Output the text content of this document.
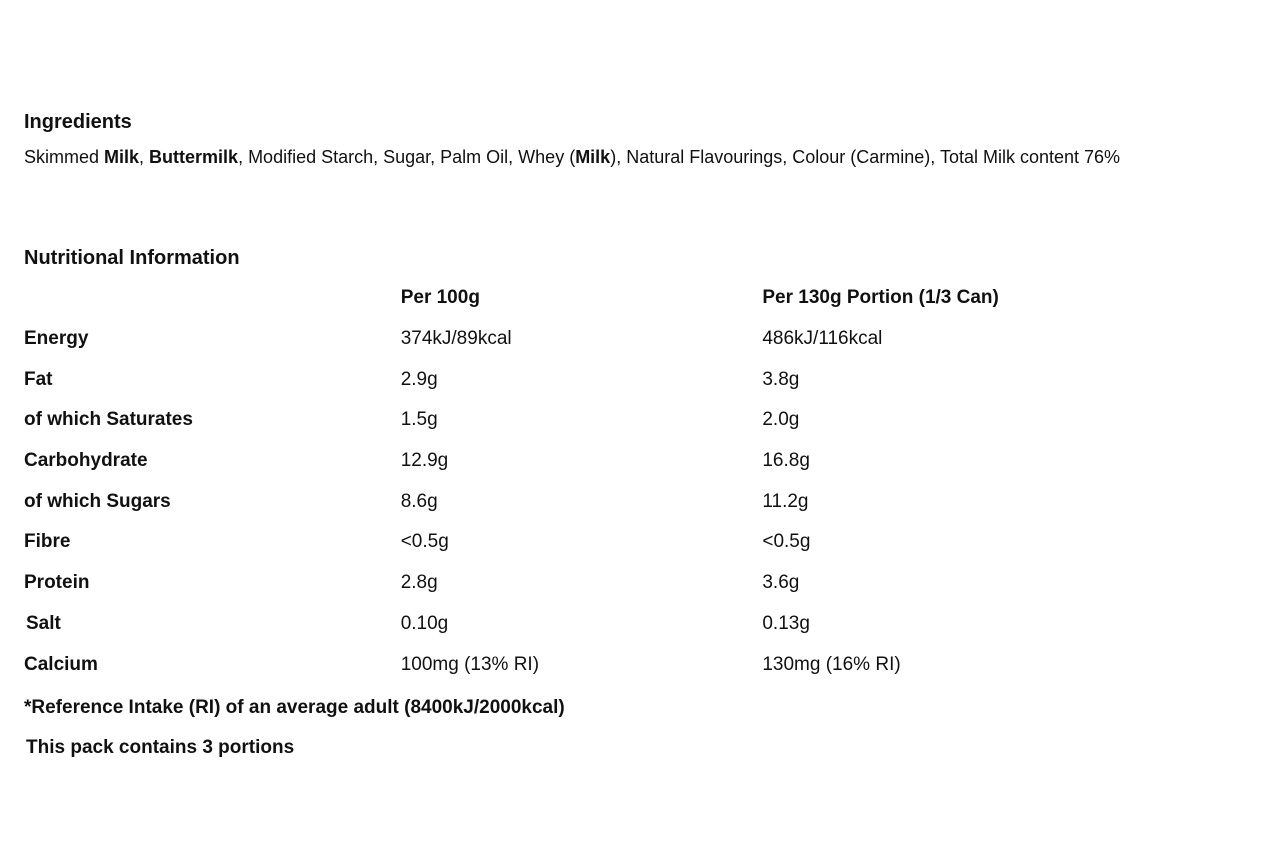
Ingredients
Skimmed Milk, Buttermilk, Modified Starch, Sugar, Palm Oil, Whey (Milk), Natural Flavourings, Colour (Carmine), Total Milk content 76%
Nutritional Information
	Per 100g	Per 130g Portion (1/3 Can)
Energy	374kJ/89kcal	486kJ/116kcal
Fat	2.9g	3.8g
of which Saturates	1.5g	2.0g
Carbohydrate	12.9g	16.8g
of which Sugars	8.6g	11.2g
Fibre	<0.5g	<0.5g
Protein	2.8g	3.6g
Salt	0.10g	0.13g
Calcium	100mg (13% RI)	130mg (16% RI)
*Reference Intake (RI) of an average adult (8400kJ/2000kcal)
This pack contains 3 portions
